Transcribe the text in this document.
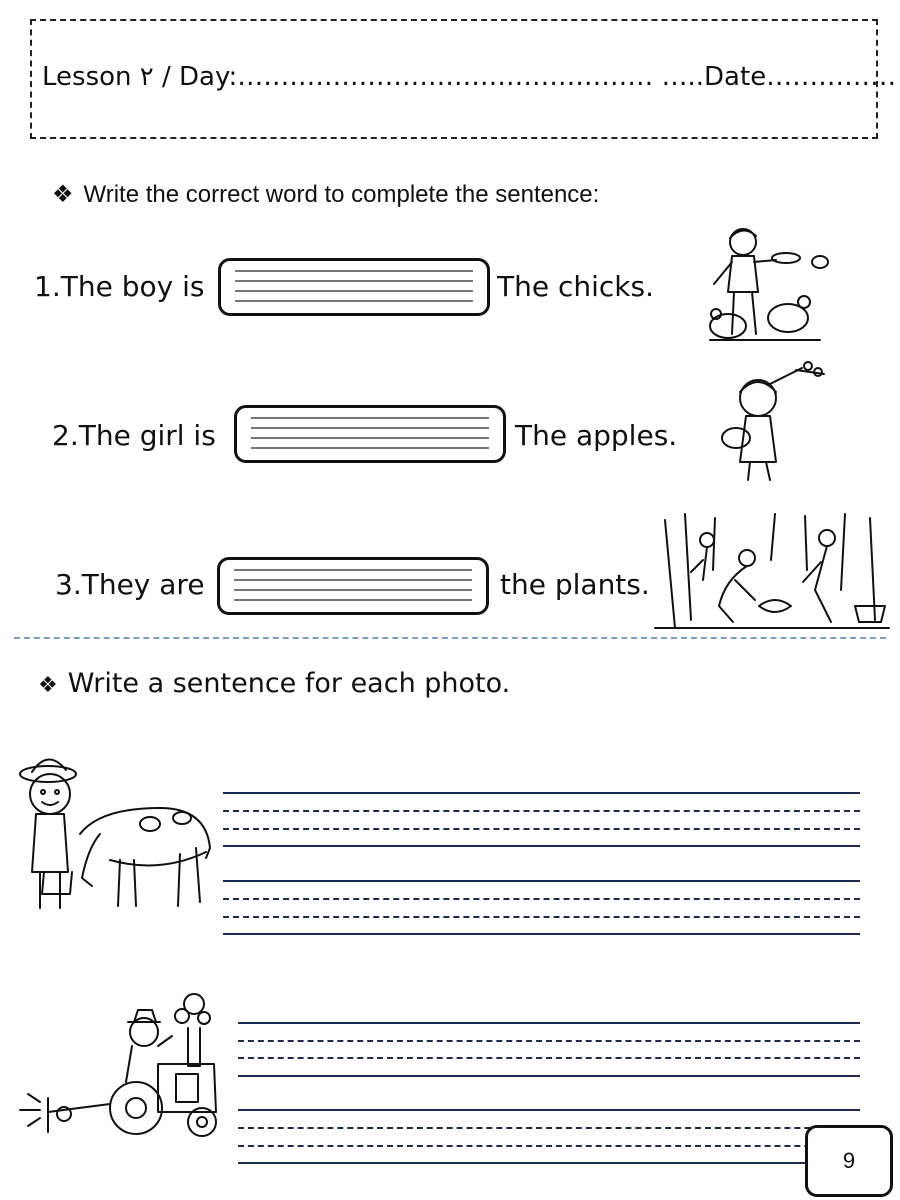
Lesson ٢ / Day:………………………………………… …..Date……………
❖ Write the correct word to complete the sentence:
1.The boy is	The chicks.
2.The girl is	The apples.
3.They are	the plants.
❖ Write a sentence for each photo.
9
